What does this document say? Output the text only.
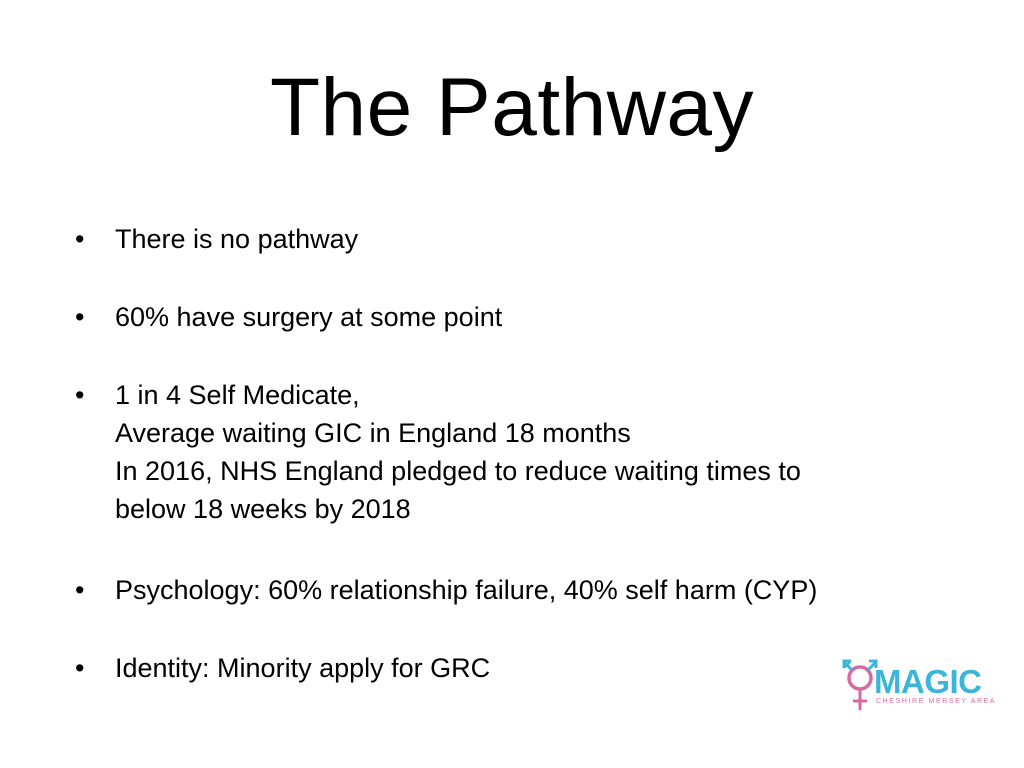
The Pathway
• There is no pathway
• 60% have surgery at some point
• 1 in 4 Self Medicate,
Average waiting GIC in England 18 months
In 2016, NHS England pledged to reduce waiting times to
below 18 weeks by 2018
• Psychology: 60% relationship failure, 40% self harm (CYP)
• Identity: Minority apply for GRC	MAGIC
CHESHIRE MERSEY AREA
